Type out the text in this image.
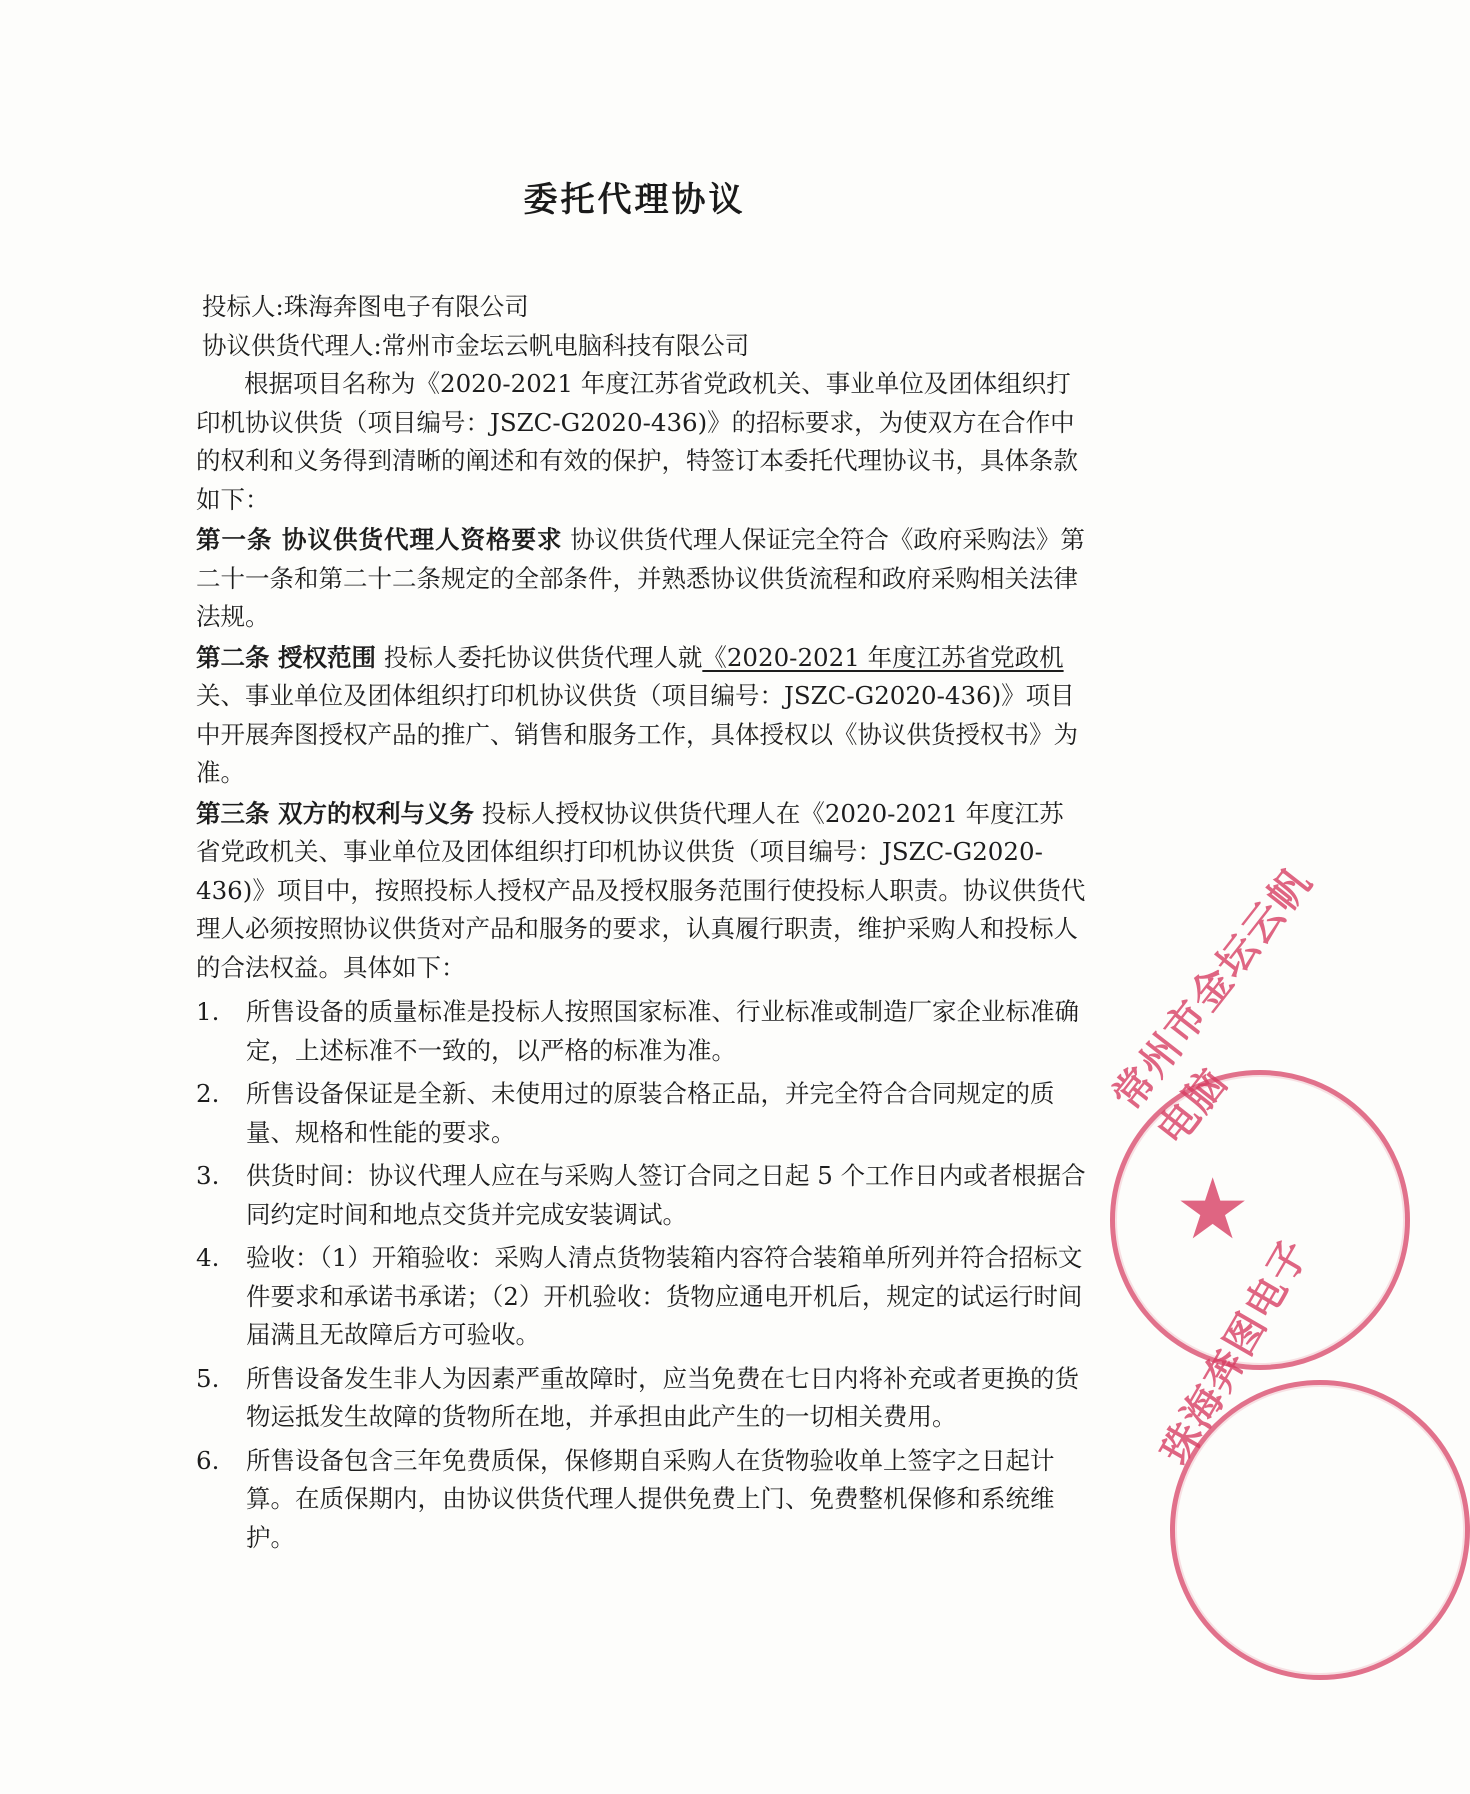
委托代理协议

投标人:珠海奔图电子有限公司

协议供货代理人:常州市金坛云帆电脑科技有限公司

根据项目名称为《2020-2021 年度江苏省党政机关、事业单位及团体组织打印机协议供货（项目编号：JSZC-G2020-436)》的招标要求，为使双方在合作中的权利和义务得到清晰的阐述和有效的保护，特签订本委托代理协议书，具体条款如下：

第一条 协议供货代理人资格要求 协议供货代理人保证完全符合《政府采购法》第二十一条和第二十二条规定的全部条件，并熟悉协议供货流程和政府采购相关法律法规。

第二条 授权范围 投标人委托协议供货代理人就《2020-2021 年度江苏省党政机关、事业单位及团体组织打印机协议供货（项目编号：JSZC-G2020-436)》项目中开展奔图授权产品的推广、销售和服务工作，具体授权以《协议供货授权书》为准。

第三条 双方的权利与义务 投标人授权协议供货代理人在《2020-2021 年度江苏省党政机关、事业单位及团体组织打印机协议供货（项目编号：JSZC-G2020-436)》项目中，按照投标人授权产品及授权服务范围行使投标人职责。协议供货代理人必须按照协议供货对产品和服务的要求，认真履行职责，维护采购人和投标人的合法权益。具体如下：

1.	所售设备的质量标准是投标人按照国家标准、行业标准或制造厂家企业标准确定，上述标准不一致的，以严格的标准为准。
2.	所售设备保证是全新、未使用过的原装合格正品，并完全符合合同规定的质量、规格和性能的要求。
3.	供货时间：协议代理人应在与采购人签订合同之日起 5 个工作日内或者根据合同约定时间和地点交货并完成安装调试。
4.	验收：（1）开箱验收：采购人清点货物装箱内容符合装箱单所列并符合招标文件要求和承诺书承诺；（2）开机验收：货物应通电开机后，规定的试运行时间届满且无故障后方可验收。
5.	所售设备发生非人为因素严重故障时，应当免费在七日内将补充或者更换的货物运抵发生故障的货物所在地，并承担由此产生的一切相关费用。
6.	所售设备包含三年免费质保，保修期自采购人在货物验收单上签字之日起计算。在质保期内，由协议供货代理人提供免费上门、免费整机保修和系统维护。
常州市金坛云帆电脑
★
珠海奔图电子
